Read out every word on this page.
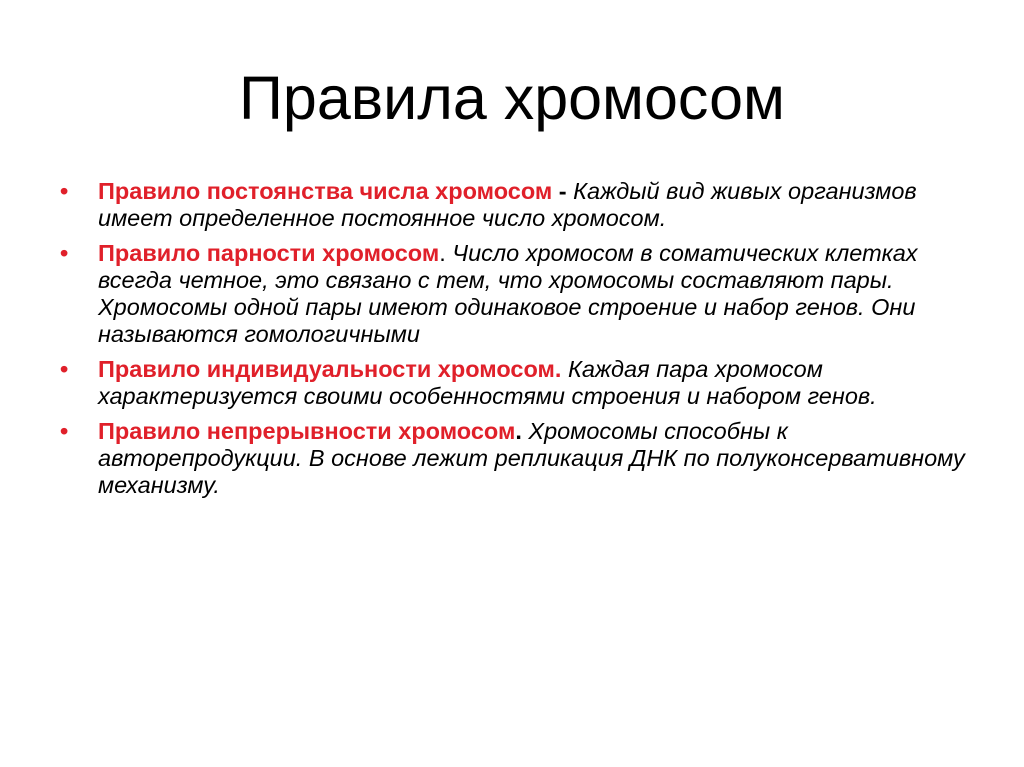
Правила хромосом
• Правило постоянства числа хромосом - Каждый вид живых организмов имеет определенное постоянное число хромосом.
• Правило парности хромосом. Число хромосом в соматических клетках всегда четное, это связано с тем, что хромосомы составляют пары. Хромосомы одной пары имеют одинаковое строение и набор генов. Они называются гомологичными
• Правило индивидуальности хромосом. Каждая пара хромосом характеризуется своими особенностями строения и набором генов.
• Правило непрерывности хромосом. Хромосомы способны к авторепродукции. В основе лежит репликация ДНК по полуконсервативному механизму.
